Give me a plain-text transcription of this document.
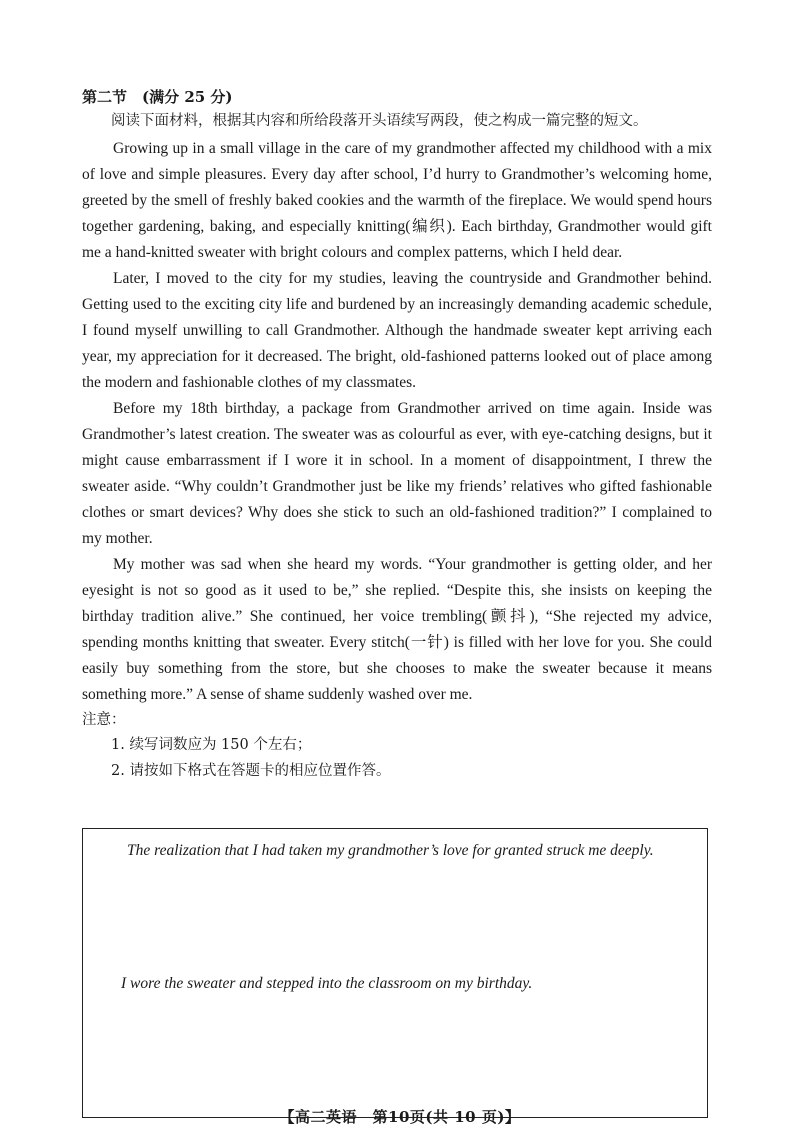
第二节　(满分 25 分)
阅读下面材料，根据其内容和所给段落开头语续写两段，使之构成一篇完整的短文。

Growing up in a small village in the care of my grandmother affected my childhood with a mix of love and simple pleasures. Every day after school, I’d hurry to Grandmother’s welcoming home, greeted by the smell of freshly baked cookies and the warmth of the fireplace. We would spend hours together gardening, baking, and especially knitting(编织). Each birthday, Grandmother would gift me a hand-knitted sweater with bright colours and complex patterns, which I held dear.

Later, I moved to the city for my studies, leaving the countryside and Grandmother behind. Getting used to the exciting city life and burdened by an increasingly demanding academic schedule, I found myself unwilling to call Grandmother. Although the handmade sweater kept arriving each year, my appreciation for it decreased. The bright, old-fashioned patterns looked out of place among the modern and fashionable clothes of my classmates.

Before my 18th birthday, a package from Grandmother arrived on time again. Inside was Grandmother’s latest creation. The sweater was as colourful as ever, with eye-catching designs, but it might cause embarrassment if I wore it in school. In a moment of disappointment, I threw the sweater aside. “Why couldn’t Grandmother just be like my friends’ relatives who gifted fashionable clothes or smart devices? Why does she stick to such an old-fashioned tradition?” I complained to my mother.

My mother was sad when she heard my words. “Your grandmother is getting older, and her eyesight is not so good as it used to be,” she replied. “Despite this, she insists on keeping the birthday tradition alive.” She continued, her voice trembling(颤抖), “She rejected my advice, spending months knitting that sweater. Every stitch(一针) is filled with her love for you. She could easily buy something from the store, but she chooses to make the sweater because it means something more.” A sense of shame suddenly washed over me.

注意：
1. 续写词数应为 150 个左右；
2. 请按如下格式在答题卡的相应位置作答。
The realization that I had taken my grandmother’s love for granted struck me deeply.
I wore the sweater and stepped into the classroom on my birthday.
【高二英语　第10页(共 10 页)】
